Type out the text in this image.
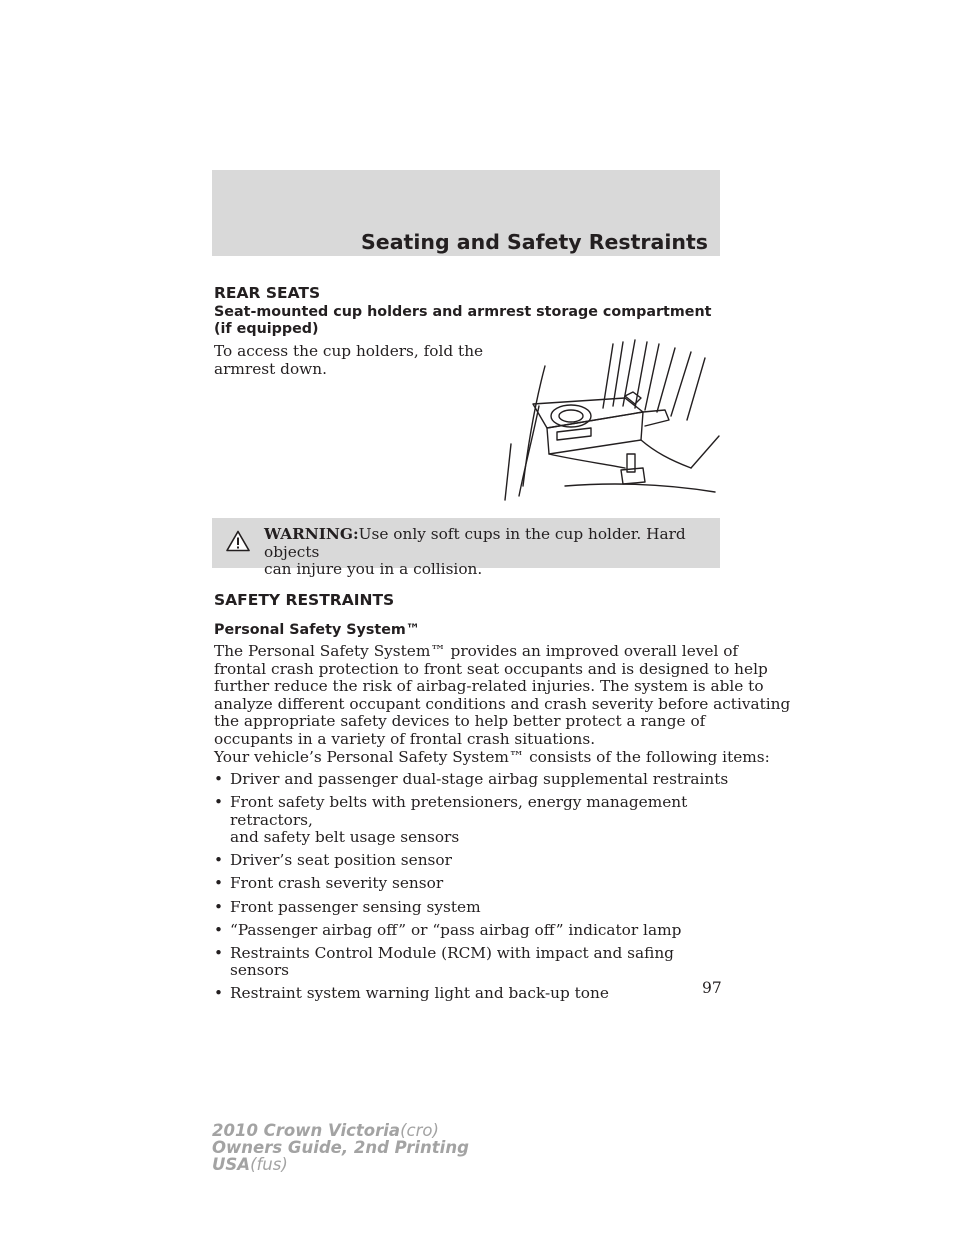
Seating and Safety Restraints
REAR SEATS
Seat-mounted cup holders and armrest storage compartment
(if equipped)
To access the cup holders, fold the
armrest down.
WARNING:Use only soft cups in the cup holder. Hard objects
can injure you in a collision.
SAFETY RESTRAINTS
Personal Safety System™
The Personal Safety System™ provides an improved overall level of
frontal crash protection to front seat occupants and is designed to help
further reduce the risk of airbag-related injuries. The system is able to
analyze different occupant conditions and crash severity before activating
the appropriate safety devices to help better protect a range of
occupants in a variety of frontal crash situations.
Your vehicle’s Personal Safety System™ consists of the following items:
• Driver and passenger dual-stage airbag supplemental restraints
• Front safety belts with pretensioners, energy management retractors,
and safety belt usage sensors
• Driver’s seat position sensor
• Front crash severity sensor
• Front passenger sensing system
• “Passenger airbag off” or “pass airbag off” indicator lamp
• Restraints Control Module (RCM) with impact and safing sensors
• Restraint system warning light and back-up tone	97
2010 Crown Victoria(cro)
Owners Guide, 2nd Printing
USA(fus)
